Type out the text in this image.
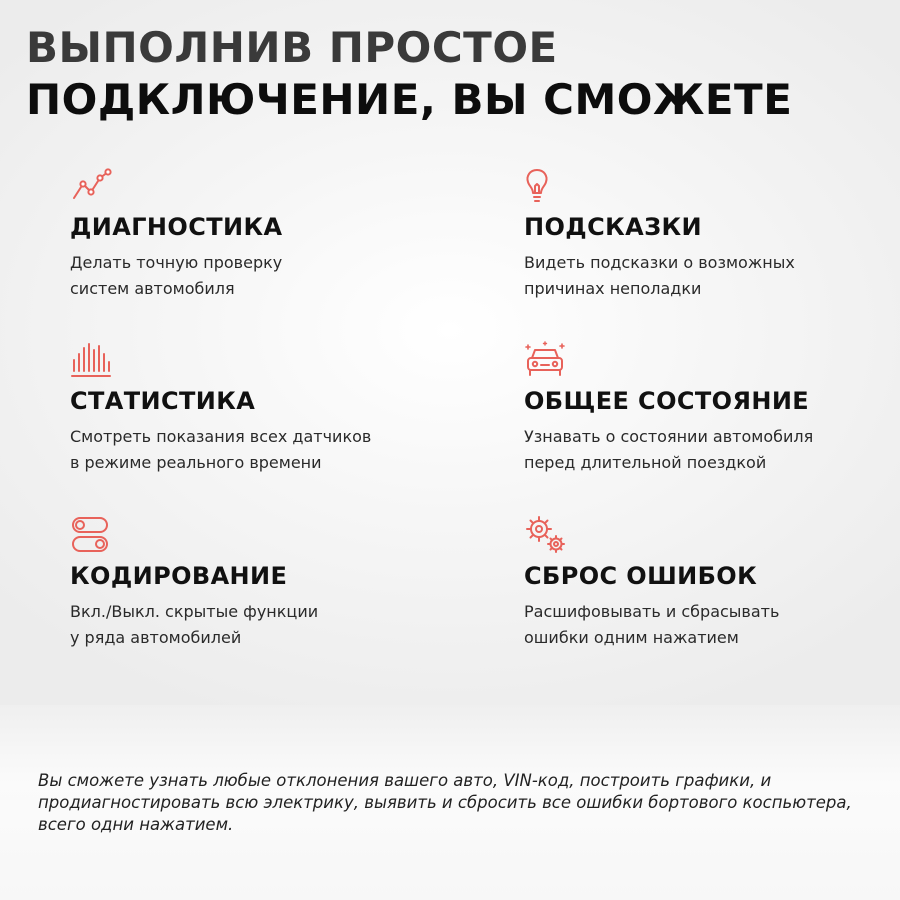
ВЫПОЛНИВ ПРОСТОЕ
ПОДКЛЮЧЕНИЕ, ВЫ СМОЖЕТЕ
ДИАГНОСТИКА
Делать точную проверку
систем автомобиля
ПОДСКАЗКИ
Видеть подсказки о возможных
причинах неполадки
СТАТИСТИКА
Смотреть показания всех датчиков
в режиме реального времени
ОБЩЕЕ СОСТОЯНИЕ
Узнавать о состоянии автомобиля
перед длительной поездкой
КОДИРОВАНИЕ
Вкл./Выкл. скрытые функции
у ряда автомобилей
СБРОС ОШИБОК
Расшифовывать и сбрасывать
ошибки одним нажатием

Вы сможете узнать любые отклонения вашего авто, VIN-код, построить графики, и продиагностировать всю электрику, выявить и сбросить все ошибки бортового коспьютера, всего одни нажатием.
